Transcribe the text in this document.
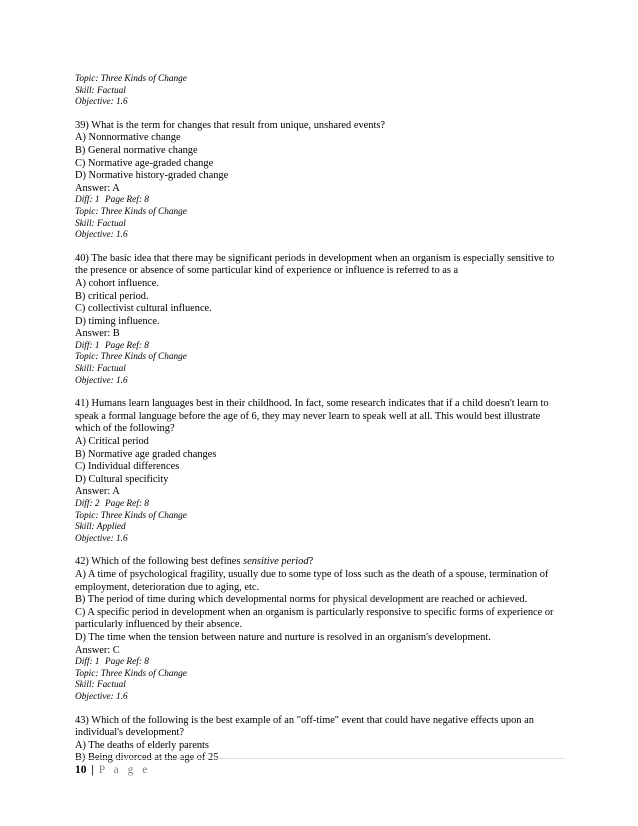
Topic: Three Kinds of Change
Skill: Factual
Objective: 1.6

39) What is the term for changes that result from unique, unshared events?

A) Nonnormative change

B) General normative change

C) Normative age-graded change

D) Normative history-graded change

Answer: A

Diff: 1 Page Ref: 8
Topic: Three Kinds of Change
Skill: Factual
Objective: 1.6

40) The basic idea that there may be significant periods in development when an organism is especially sensitive to the presence or absence of some particular kind of experience or influence is referred to as a

A) cohort influence.

B) critical period.

C) collectivist cultural influence.

D) timing influence.

Answer: B

Diff: 1 Page Ref: 8
Topic: Three Kinds of Change
Skill: Factual
Objective: 1.6

41) Humans learn languages best in their childhood. In fact, some research indicates that if a child doesn't learn to speak a formal language before the age of 6, they may never learn to speak well at all. This would best illustrate which of the following?

A) Critical period

B) Normative age graded changes

C) Individual differences

D) Cultural specificity

Answer: A

Diff: 2 Page Ref: 8
Topic: Three Kinds of Change
Skill: Applied
Objective: 1.6

42) Which of the following best defines sensitive period?

A) A time of psychological fragility, usually due to some type of loss such as the death of a spouse, termination of employment, deterioration due to aging, etc.

B) The period of time during which developmental norms for physical development are reached or achieved.

C) A specific period in development when an organism is particularly responsive to specific forms of experience or particularly influenced by their absence.

D) The time when the tension between nature and nurture is resolved in an organism's development.

Answer: C

Diff: 1 Page Ref: 8
Topic: Three Kinds of Change
Skill: Factual
Objective: 1.6

43) Which of the following is the best example of an "off-time" event that could have negative effects upon an individual's development?

A) The deaths of elderly parents

B) Being divorced at the age of 25

10 | P a g e
